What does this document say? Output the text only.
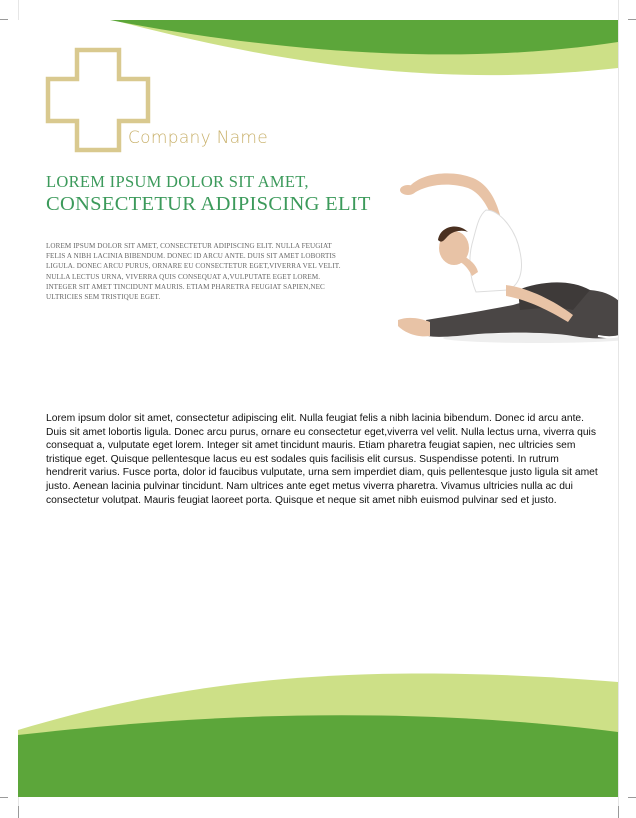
Company Name
LOREM IPSUM DOLOR SIT AMET,
CONSECTETUR ADIPISCING ELIT
LOREM IPSUM DOLOR SIT AMET, CONSECTETUR ADIPISCING ELIT. NULLA FEUGIAT FELIS A NIBH LACINIA BIBENDUM. DONEC ID ARCU ANTE. DUIS SIT AMET LOBORTIS LIGULA. DONEC ARCU PURUS, ORNARE EU CONSECTETUR EGET,VIVERRA VEL VELIT. NULLA LECTUS URNA, VIVERRA QUIS CONSEQUAT A,VULPUTATE EGET LOREM. INTEGER SIT AMET TINCIDUNT MAURIS. ETIAM PHARETRA FEUGIAT SAPIEN,NEC ULTRICIES SEM TRISTIQUE EGET.
Lorem ipsum dolor sit amet, consectetur adipiscing elit. Nulla feugiat felis a nibh lacinia bibendum. Donec id arcu ante. Duis sit amet lobortis ligula. Donec arcu purus, ornare eu consectetur eget,viverra vel velit. Nulla lectus urna, viverra quis consequat a, vulputate eget lorem. Integer sit amet tincidunt mauris. Etiam pharetra feugiat sapien, nec ultricies sem tristique eget. Quisque pellentesque lacus eu est sodales quis facilisis elit cursus. Suspendisse potenti. In rutrum hendrerit varius. Fusce porta, dolor id faucibus vulputate, urna sem imperdiet diam, quis pellentesque justo ligula sit amet justo. Aenean lacinia pulvinar tincidunt. Nam ultrices ante eget metus viverra pharetra. Vivamus ultricies nulla ac dui consectetur volutpat. Mauris feugiat laoreet porta. Quisque et neque sit amet nibh euismod pulvinar sed et justo.
